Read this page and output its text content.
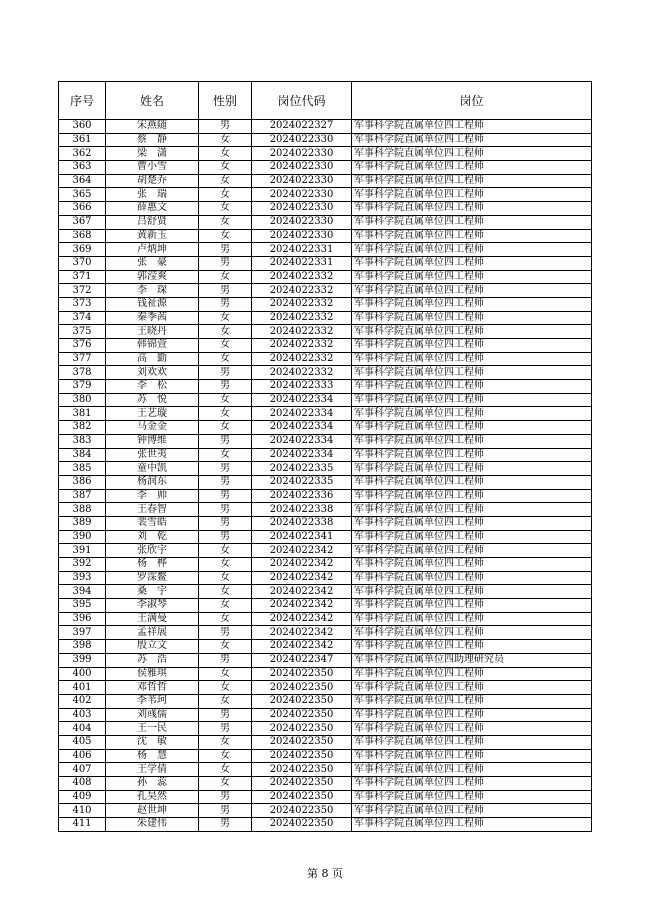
序号	姓名	性别	岗位代码	岗位
360	宋燕随	男	2024022327	军事科学院直属单位四工程师
361	蔡　静	女	2024022330	军事科学院直属单位四工程师
362	梁　潇	女	2024022330	军事科学院直属单位四工程师
363	曹小雪	女	2024022330	军事科学院直属单位四工程师
364	胡楚乔	女	2024022330	军事科学院直属单位四工程师
365	张　瑞	女	2024022330	军事科学院直属单位四工程师
366	薛惠文	女	2024022330	军事科学院直属单位四工程师
367	吕舒贤	女	2024022330	军事科学院直属单位四工程师
368	黄新玉	女	2024022330	军事科学院直属单位四工程师
369	卢炳坤	男	2024022331	军事科学院直属单位四工程师
370	张　豪	男	2024022331	军事科学院直属单位四工程师
371	郭滢爽	女	2024022332	军事科学院直属单位四工程师
372	李　琛	男	2024022332	军事科学院直属单位四工程师
373	钱祉源	男	2024022332	军事科学院直属单位四工程师
374	秦季茜	女	2024022332	军事科学院直属单位四工程师
375	王晓丹	女	2024022332	军事科学院直属单位四工程师
376	韩锦萱	女	2024022332	军事科学院直属单位四工程师
377	高　勤	女	2024022332	军事科学院直属单位四工程师
378	刘欢欢	男	2024022332	军事科学院直属单位四工程师
379	李　松	男	2024022333	军事科学院直属单位四工程师
380	苏　悦	女	2024022334	军事科学院直属单位四工程师
381	王艺璇	女	2024022334	军事科学院直属单位四工程师
382	马金金	女	2024022334	军事科学院直属单位四工程师
383	钟博维	男	2024022334	军事科学院直属单位四工程师
384	张世夷	女	2024022334	军事科学院直属单位四工程师
385	童中凯	男	2024022335	军事科学院直属单位四工程师
386	杨润东	男	2024022335	军事科学院直属单位四工程师
387	李　帅	男	2024022336	军事科学院直属单位四工程师
388	王春智	男	2024022338	军事科学院直属单位四工程师
389	裴雪皓	男	2024022338	军事科学院直属单位四工程师
390	刘　乾	男	2024022341	军事科学院直属单位四工程师
391	张欣宇	女	2024022342	军事科学院直属单位四工程师
392	杨　桦	女	2024022342	军事科学院直属单位四工程师
393	罗霂鳌	女	2024022342	军事科学院直属单位四工程师
394	桑　宇	女	2024022342	军事科学院直属单位四工程师
395	李淑琴	女	2024022342	军事科学院直属单位四工程师
396	王满曼	女	2024022342	军事科学院直属单位四工程师
397	孟祥展	男	2024022342	军事科学院直属单位四工程师
398	殷立文	女	2024022342	军事科学院直属单位四工程师
399	苏　浩	男	2024022347	军事科学院直属单位四助理研究员
400	侯雅琪	女	2024022350	军事科学院直属单位四工程师
401	邓哲哲	女	2024022350	军事科学院直属单位四工程师
402	李苇珂	女	2024022350	军事科学院直属单位四工程师
403	刘彧儒	男	2024022350	军事科学院直属单位四工程师
404	王一民	男	2024022350	军事科学院直属单位四工程师
405	沈　敏	女	2024022350	军事科学院直属单位四工程师
406	杨　慧	女	2024022350	军事科学院直属单位四工程师
407	王学倩	女	2024022350	军事科学院直属单位四工程师
408	孙　蕊	女	2024022350	军事科学院直属单位四工程师
409	孔昊然	男	2024022350	军事科学院直属单位四工程师
410	赵世坤	男	2024022350	军事科学院直属单位四工程师
411	朱建伟	男	2024022350	军事科学院直属单位四工程师
第 8 页
